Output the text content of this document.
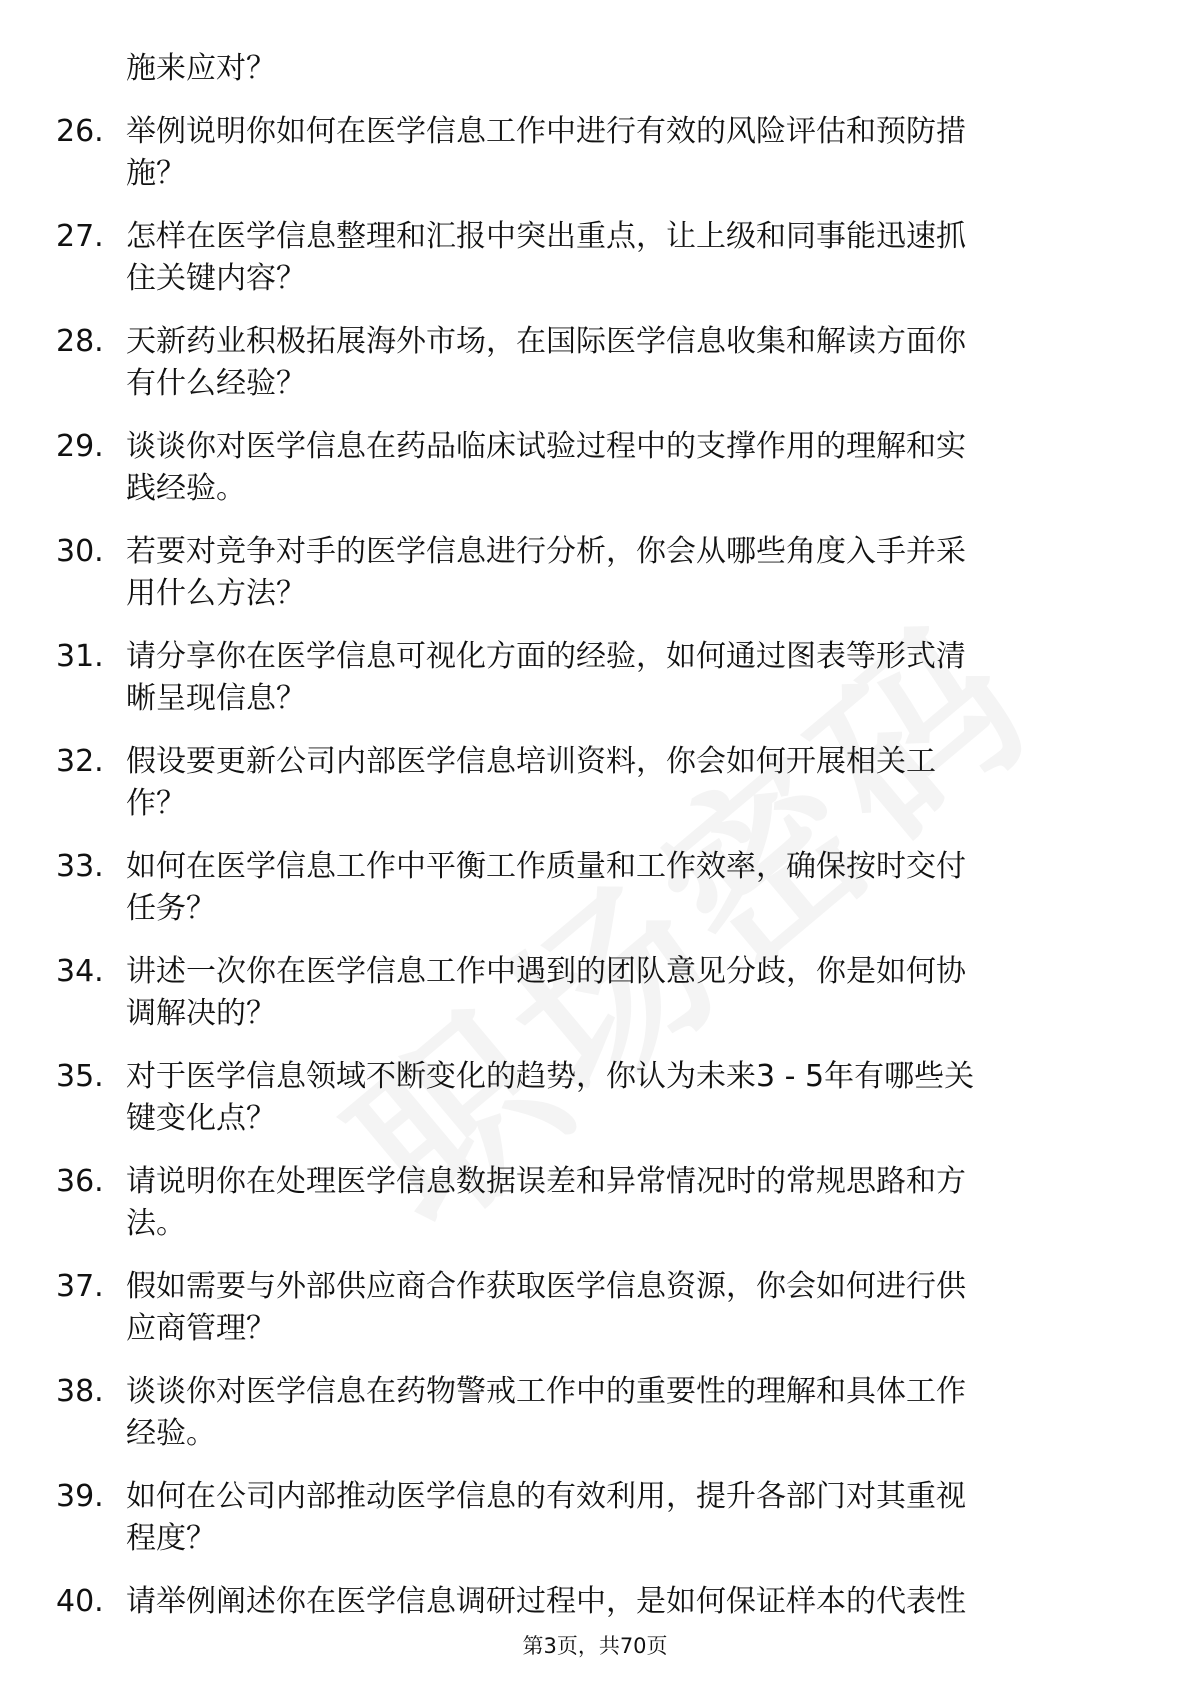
施来应对？
26. 举例说明你如何在医学信息工作中进行有效的风险评估和预防措
施？
27. 怎样在医学信息整理和汇报中突出重点，让上级和同事能迅速抓
住关键内容？
28. 天新药业积极拓展海外市场，在国际医学信息收集和解读方面你
有什么经验？
29. 谈谈你对医学信息在药品临床试验过程中的支撑作用的理解和实
践经验。
30. 若要对竞争对手的医学信息进行分析，你会从哪些角度入手并采
用什么方法？
31. 请分享你在医学信息可视化方面的经验，如何通过图表等形式清
晰呈现信息？
32. 假设要更新公司内部医学信息培训资料，你会如何开展相关工
作？
33. 如何在医学信息工作中平衡工作质量和工作效率，确保按时交付
任务？
34. 讲述一次你在医学信息工作中遇到的团队意见分歧，你是如何协
调解决的？
35. 对于医学信息领域不断变化的趋势，你认为未来3 - 5年有哪些关
键变化点？
36. 请说明你在处理医学信息数据误差和异常情况时的常规思路和方
法。
37. 假如需要与外部供应商合作获取医学信息资源，你会如何进行供
应商管理？
38. 谈谈你对医学信息在药物警戒工作中的重要性的理解和具体工作
经验。
39. 如何在公司内部推动医学信息的有效利用，提升各部门对其重视
程度？
40. 请举例阐述你在医学信息调研过程中，是如何保证样本的代表性
第3页，共70页
